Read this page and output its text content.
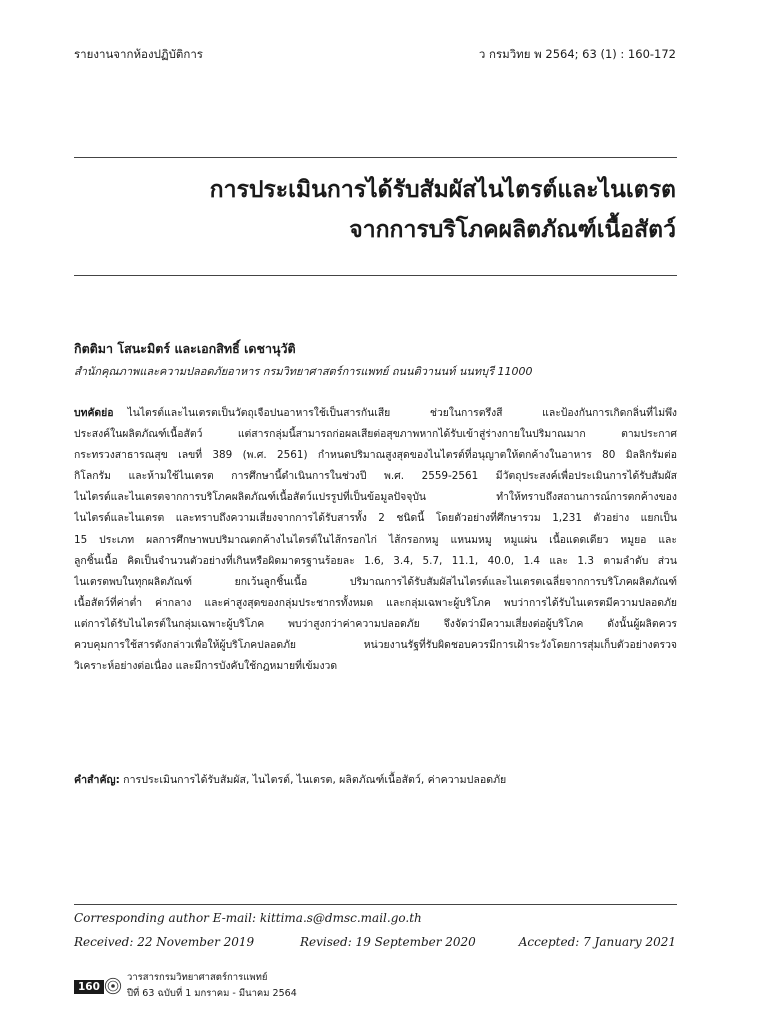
รายงานจากห้องปฏิบัติการ	ว กรมวิทย พ 2564; 63 (1) : 160-172
การประเมินการได้รับสัมผัสไนไตรต์และไนเตรต
จากการบริโภคผลิตภัณฑ์เนื้อสัตว์
กิตติมา โสนะมิตร์ และเอกสิทธิ์ เดชานุวัติ
สำนักคุณภาพและความปลอดภัยอาหาร กรมวิทยาศาสตร์การแพทย์ ถนนติวานนท์ นนทบุรี 11000
บทคัดย่อ ไนไตรต์และไนเตรตเป็นวัตถุเจือปนอาหารใช้เป็นสารกันเสีย ช่วยในการตรึงสี และป้องกันการเกิดกลิ่นที่ไม่พึง
ประสงค์ในผลิตภัณฑ์เนื้อสัตว์ แต่สารกลุ่มนี้สามารถก่อผลเสียต่อสุขภาพหากได้รับเข้าสู่ร่างกายในปริมาณมาก ตามประกาศ
กระทรวงสาธารณสุข เลขที่ 389 (พ.ศ. 2561) กำหนดปริมาณสูงสุดของไนไตรต์ที่อนุญาตให้ตกค้างในอาหาร 80 มิลลิกรัมต่อ
กิโลกรัม และห้ามใช้ไนเตรต การศึกษานี้ดำเนินการในช่วงปี พ.ศ. 2559-2561 มีวัตถุประสงค์เพื่อประเมินการได้รับสัมผัส
ไนไตรต์และไนเตรตจากการบริโภคผลิตภัณฑ์เนื้อสัตว์แปรรูปที่เป็นข้อมูลปัจจุบัน ทำให้ทราบถึงสถานการณ์การตกค้างของ
ไนไตรต์และไนเตรต และทราบถึงความเสี่ยงจากการได้รับสารทั้ง 2 ชนิดนี้ โดยตัวอย่างที่ศึกษารวม 1,231 ตัวอย่าง แยกเป็น
15 ประเภท ผลการศึกษาพบปริมาณตกค้างไนไตรต์ในไส้กรอกไก่ ไส้กรอกหมู แหนมหมู หมูแผ่น เนื้อแดดเดียว หมูยอ และ
ลูกชิ้นเนื้อ คิดเป็นจำนวนตัวอย่างที่เกินหรือผิดมาตรฐานร้อยละ 1.6, 3.4, 5.7, 11.1, 40.0, 1.4 และ 1.3 ตามลำดับ ส่วน
ไนเตรตพบในทุกผลิตภัณฑ์ ยกเว้นลูกชิ้นเนื้อ ปริมาณการได้รับสัมผัสไนไตรต์และไนเตรตเฉลี่ยจากการบริโภคผลิตภัณฑ์
เนื้อสัตว์ที่ค่าต่ำ ค่ากลาง และค่าสูงสุดของกลุ่มประชากรทั้งหมด และกลุ่มเฉพาะผู้บริโภค พบว่าการได้รับไนเตรตมีความปลอดภัย
แต่การได้รับไนไตรต์ในกลุ่มเฉพาะผู้บริโภค พบว่าสูงกว่าค่าความปลอดภัย จึงจัดว่ามีความเสี่ยงต่อผู้บริโภค ดังนั้นผู้ผลิตควร
ควบคุมการใช้สารดังกล่าวเพื่อให้ผู้บริโภคปลอดภัย หน่วยงานรัฐที่รับผิดชอบควรมีการเฝ้าระวังโดยการสุ่มเก็บตัวอย่างตรวจ
วิเคราะห์อย่างต่อเนื่อง และมีการบังคับใช้กฎหมายที่เข้มงวด
คำสำคัญ: การประเมินการได้รับสัมผัส, ไนไตรต์, ไนเตรต, ผลิตภัณฑ์เนื้อสัตว์, ค่าความปลอดภัย
Corresponding author E-mail: kittima.s@dmsc.mail.go.th
Received: 22 November 2019	Revised: 19 September 2020	Accepted: 7 January 2021
160
วารสารกรมวิทยาศาสตร์การแพทย์
ปีที่ 63 ฉบับที่ 1 มกราคม - มีนาคม 2564
